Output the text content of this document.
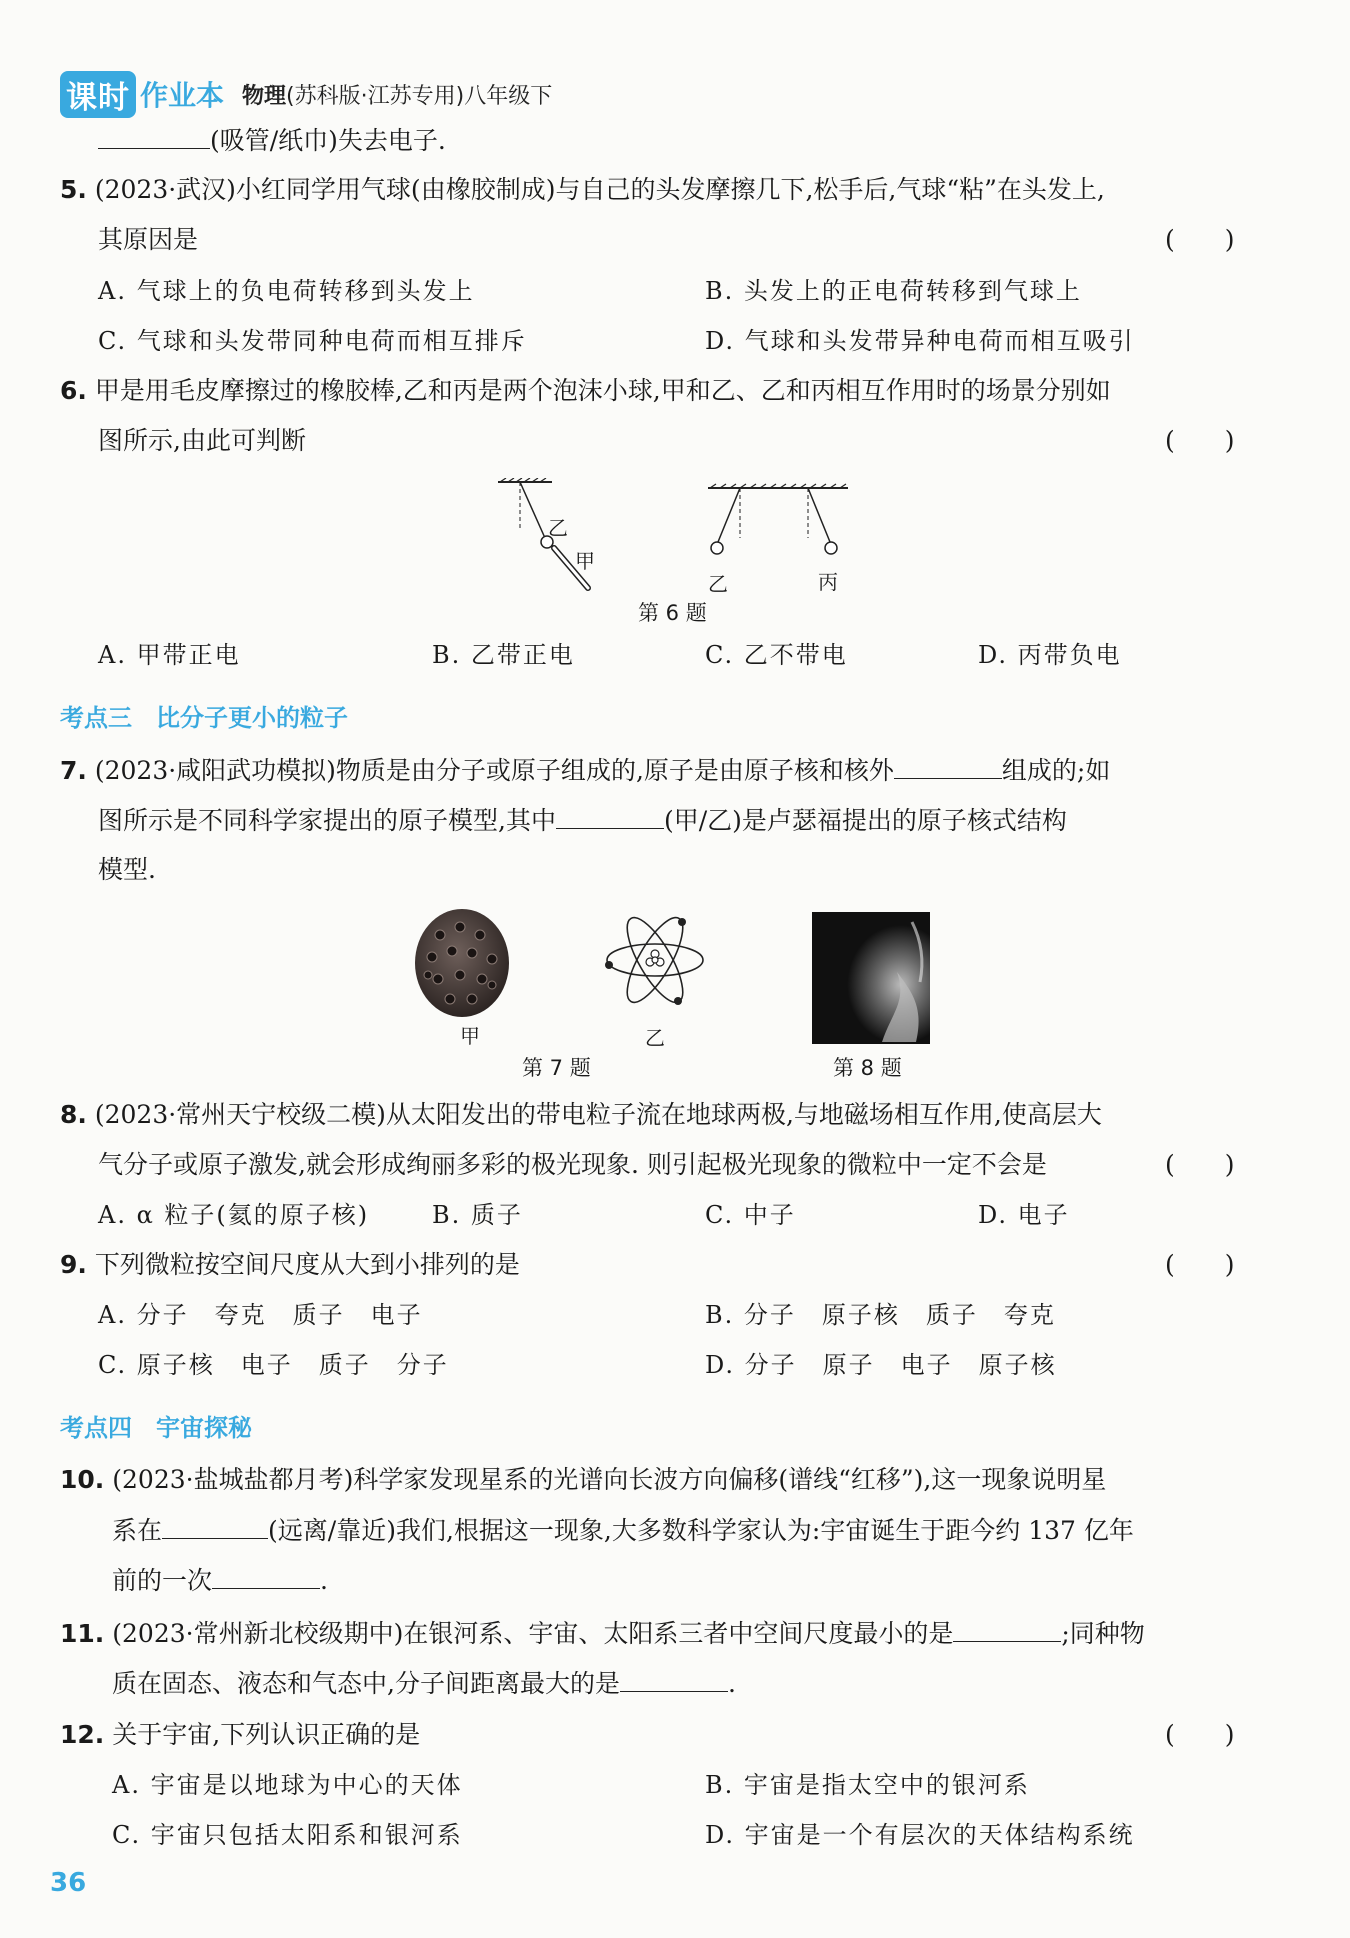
课时 作业本 物理(苏科版·江苏专用)八年级下
(吸管/纸巾)失去电子.
5. (2023·武汉)小红同学用气球(由橡胶制成)与自己的头发摩擦几下,松手后,气球“粘”在头发上,
其原因是	(　　)
A. 气球上的负电荷转移到头发上	B. 头发上的正电荷转移到气球上
C. 气球和头发带同种电荷而相互排斥	D. 气球和头发带异种电荷而相互吸引
6. 甲是用毛皮摩擦过的橡胶棒,乙和丙是两个泡沫小球,甲和乙、乙和丙相互作用时的场景分别如
图所示,由此可判断	(　　)
乙
甲
乙	丙
第 6 题
A. 甲带正电	B. 乙带正电	C. 乙不带电	D. 丙带负电
考点三　比分子更小的粒子
7. (2023·咸阳武功模拟)物质是由分子或原子组成的,原子是由原子核和核外	组成的;如
图所示是不同科学家提出的原子模型,其中	(甲/乙)是卢瑟福提出的原子核式结构
模型.
甲	乙
第 7 题	第 8 题
8. (2023·常州天宁校级二模)从太阳发出的带电粒子流在地球两极,与地磁场相互作用,使高层大
气分子或原子激发,就会形成绚丽多彩的极光现象. 则引起极光现象的微粒中一定不会是	(　　)
A. α 粒子(氦的原子核)	B. 质子	C. 中子	D. 电子
9. 下列微粒按空间尺度从大到小排列的是	(　　)
A. 分子　夸克　质子　电子	B. 分子　原子核　质子　夸克
C. 原子核　电子　质子　分子	D. 分子　原子　电子　原子核
考点四　宇宙探秘
10. (2023·盐城盐都月考)科学家发现星系的光谱向长波方向偏移(谱线“红移”),这一现象说明星
系在	(远离/靠近)我们,根据这一现象,大多数科学家认为:宇宙诞生于距今约 137 亿年
前的一次	.
11. (2023·常州新北校级期中)在银河系、宇宙、太阳系三者中空间尺度最小的是	;同种物
质在固态、液态和气态中,分子间距离最大的是	.
12. 关于宇宙,下列认识正确的是	(　　)
A. 宇宙是以地球为中心的天体	B. 宇宙是指太空中的银河系
C. 宇宙只包括太阳系和银河系	D. 宇宙是一个有层次的天体结构系统
36
